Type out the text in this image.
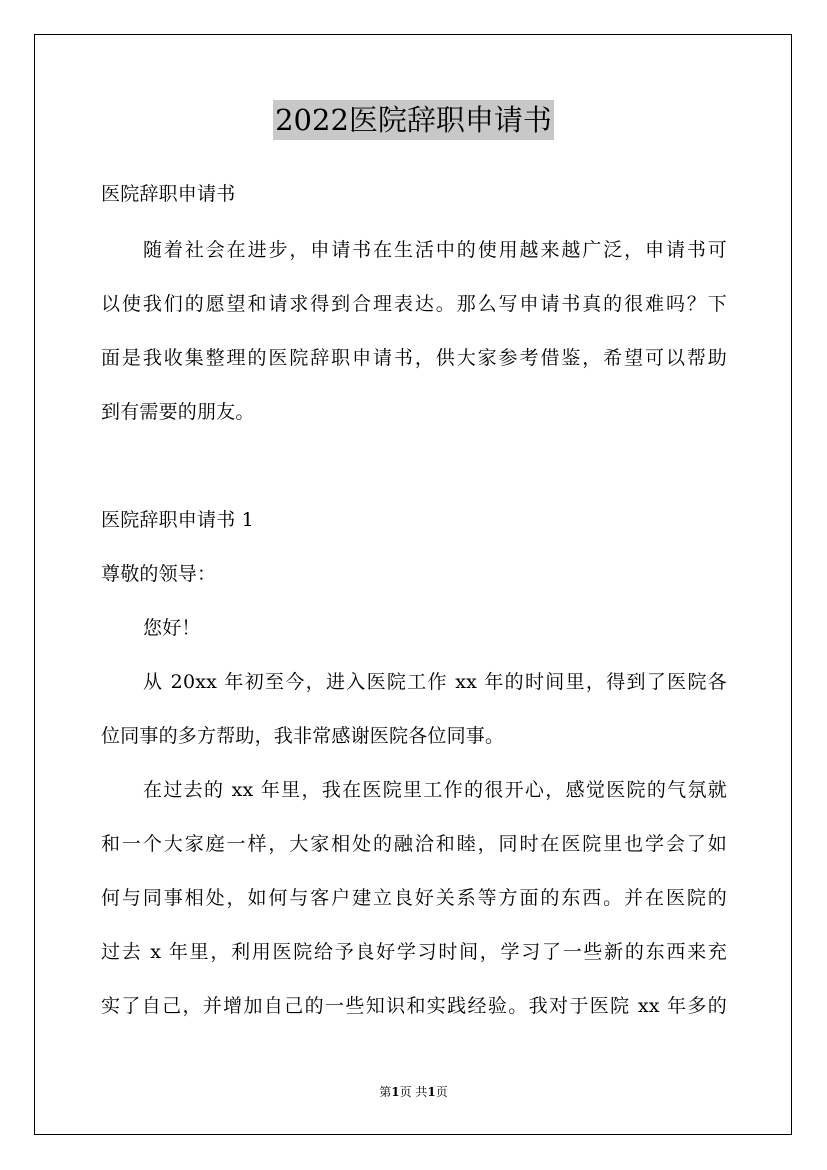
2022医院辞职申请书
医院辞职申请书
随着社会在进步，申请书在生活中的使用越来越广泛，申请书可
以使我们的愿望和请求得到合理表达。那么写申请书真的很难吗？下
面是我收集整理的医院辞职申请书，供大家参考借鉴，希望可以帮助
到有需要的朋友。
医院辞职申请书 1
尊敬的领导：
您好！
从 20xx 年初至今，进入医院工作 xx 年的时间里，得到了医院各
位同事的多方帮助，我非常感谢医院各位同事。
在过去的 xx 年里，我在医院里工作的很开心，感觉医院的气氛就
和一个大家庭一样，大家相处的融洽和睦，同时在医院里也学会了如
何与同事相处，如何与客户建立良好关系等方面的东西。并在医院的
过去 x 年里，利用医院给予良好学习时间，学习了一些新的东西来充
实了自己，并增加自己的一些知识和实践经验。我对于医院 xx 年多的
第1页 共1页
